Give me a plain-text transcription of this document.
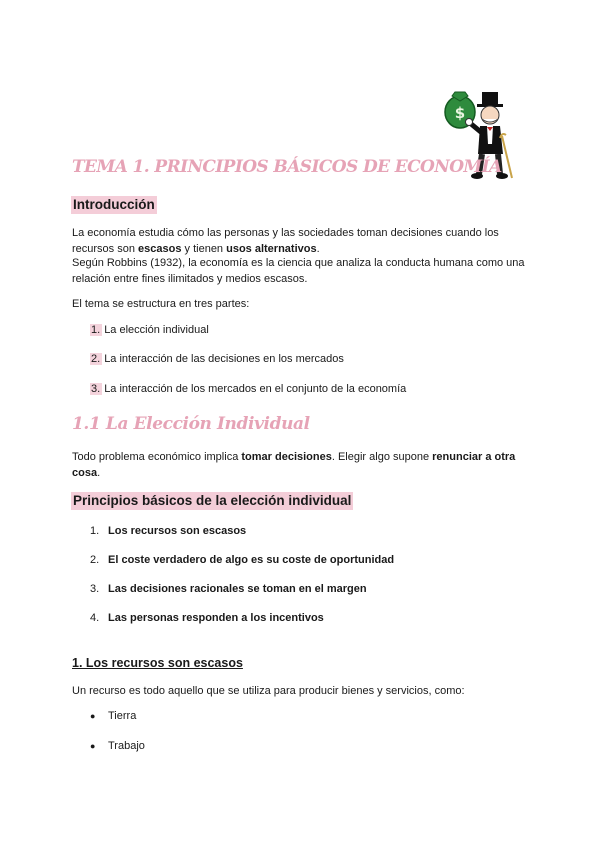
$
TEMA 1. PRINCIPIOS BÁSICOS DE ECONOMÍA
Introducción

La economía estudia cómo las personas y las sociedades toman decisiones cuando los recursos son escasos y tienen usos alternativos.

Según Robbins (1932), la economía es la ciencia que analiza la conducta humana como una relación entre fines ilimitados y medios escasos.

El tema se estructura en tres partes:

1. La elección individual
2. La interacción de las decisiones en los mercados
3. La interacción de los mercados en el conjunto de la economía
1.1 La Elección Individual

Todo problema económico implica tomar decisiones. Elegir algo supone renunciar a otra cosa.

Principios básicos de la elección individual
1. Los recursos son escasos
2. El coste verdadero de algo es su coste de oportunidad
3. Las decisiones racionales se toman en el margen
4. Las personas responden a los incentivos
1. Los recursos son escasos

Un recurso es todo aquello que se utiliza para producir bienes y servicios, como:

● Tierra
● Trabajo
